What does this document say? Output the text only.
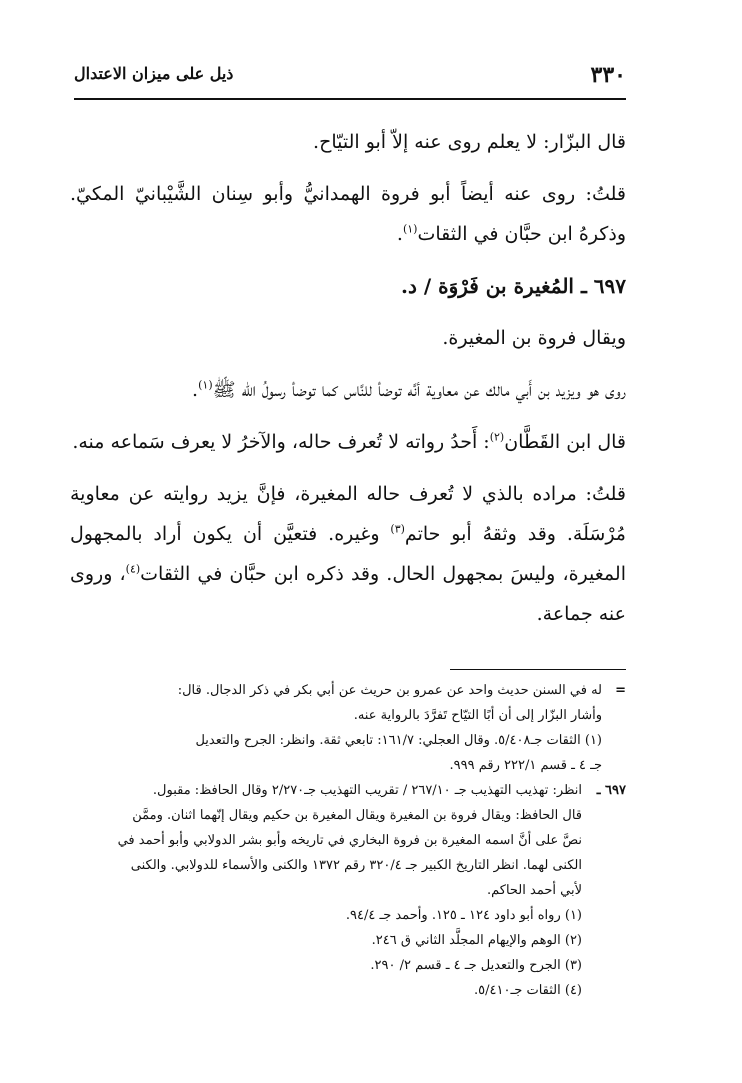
٣٣٠
ذيل على ميزان الاعتدال

قال البزّار: لا يعلم روى عنه إلاّ أبو التيّاح.

قلتُ: روى عنه أيضاً أبو فروة الهمدانيُّ وأبو سِنان الشَّيْبانيّ المكيّ. وذكرهُ ابن حبَّان في الثقات$^{(١)}$.

٦٩٧ ـ المُغيرة بن فَرْوَة / د.

ويقال فروة بن المغيرة.

روى هو ويزيد بن أَبي مالك عن معاوية أنَّه توضأ للنَّاس كما توضأ رسولُ الله ﷺ$^{(١)}$.

قال ابن القَطَّان$^{(٢)}$: أَحدُ رواته لا تُعرف حاله، والآخرُ لا يعرف سَماعه منه.

قلتُ: مراده بالذي لا تُعرف حاله المغيرة، فإنَّ يزيد روايته عن معاوية مُرْسَلَة. وقد وثقهُ أبو حاتم$^{(٣)}$ وغيره. فتعيَّن أن يكون أراد بالمجهول المغيرة، وليسَ بمجهول الحال. وقد ذكره ابن حبَّان في الثقات$^{(٤)}$، وروى عنه جماعة.

=

له في السنن حديث واحد عن عمرو بن حريث عن أبي بكر في ذكر الدجال. قال:

وأشار البزّار إلى أن أبًا التيّاح تَفرَّدَ بالرواية عنه.

(١) الثقات جـ٥/٤٠٨. وقال العجلي: ١٦١/٧: تابعي ثقة. وانظر: الجرح والتعديل

جـ ٤ ـ قسم ٢٢٢/١ رقم ٩٩٩.

٦٩٧ ـ

انظر: تهذيب التهذيب جـ ٢٦٧/١٠ / تقريب التهذيب جـ٢/٢٧٠ وقال الحافظ: مقبول.

قال الحافظ: ويقال فروة بن المغيرة ويقال المغيرة بن حكيم ويقال إنّهما اثنان. وممَّن

نصَّ على أنَّ اسمه المغيرة بن فروة البخاري في تاريخه وأبو بشر الدولابي وأبو أحمد في

الكنى لهما. انظر التاريخ الكبير جـ ٣٢٠/٤ رقم ١٣٧٢ والكنى والأسماء للدولابي. والكنى

لأبي أحمد الحاكم.

(١) رواه أبو داود ١٢٤ ـ ١٢٥. وأحمد جـ ٩٤/٤.

(٢) الوهم والإيهام المجلَّد الثاني ق ٢٤٦.

(٣) الجرح والتعديل جـ ٤ ـ قسم ٢/ ٢٩٠.

(٤) الثقات جـ٥/٤١٠.
